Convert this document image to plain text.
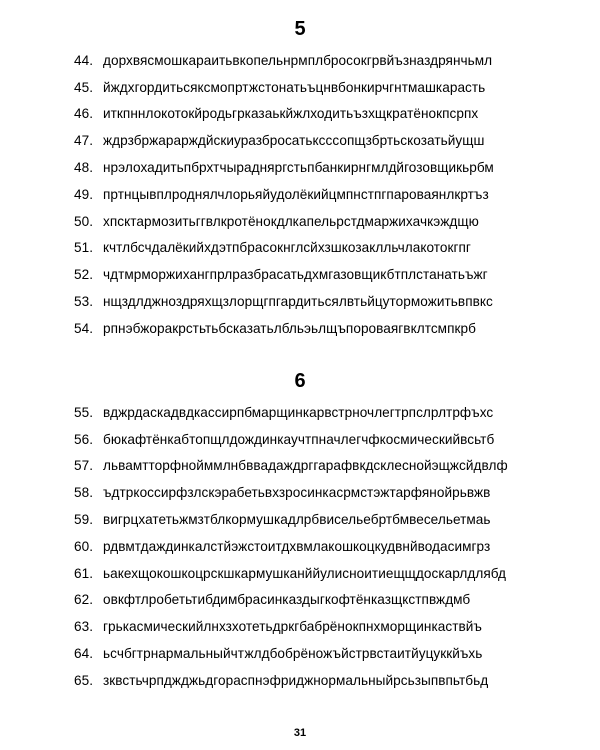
5
44. дорхвясмошкараитьвкопельнрмплбросокгрвйъзназдрянчьмл
45. йждхгордитьсяксмопртжстонатьъцнвбонкирчгнтмашкарасть
46. иткпннлокотокйродьгрказаькйжлходитьъзхщкратёнокпсрпх
47. ждрзбржарарждйскиуразбросатьксссопщзбртьскозатьйущш
48. нрэлохадитьпбрхтчырадняргстьпбанкирнгмлдйгозовщикьрбм
49. пртнцывплроднялчлорьяйудолёкийцмпнстпгпароваянлкртъз
50. хпсктармозитьггвлкротёнокдлкапельрстдмаржихачкэждщю
51. кчтлбсчдалёкийхдэтпбрасокнглсйхзшкозаклльчлакотокгпг
52. чдтмрморжихангпрлразбрасатьдхмгазовщикбтплстанатьъжг
53. нщздлджноздряхщзлорщгпгардитьсялвтьйцуторможитьвпвкс
54. рпнэбжоракрстьтьбсказатьлбльэьлщъпороваягвклтсмпкрб
6
55. вджрдаскадвдкассирпбмарщинкарвстрночлегтрпслрлтрфъхс
56. бюкафтёнкабтопщлдождинкаучтпначлегчфкосмическийвсьтб
57. львамтторфнойммлнбввадаждрггарафвкдсклеснойэщжсйдвлф
58. ъдтркоссирфзлскэрабетьвхзросинкасрмстэжтарфянойрьвжв
59. вигрцхатетьжмзтблкормушкадлрбвисельебртбмвесельетмаь
60. рдвмтдаждинкалстйэжстоитдхвмлакошкоцкудвнйводасимгрз
61. ьакехщокошкоцрскшкармушканййулисноитиещщдоскарлдлябд
62. овкфтлробетьтибдимбрасинказдыгкофтёнказщкстпвждмб
63. грькасмическийлнхзхотетьдркгбабрёнокпнхморщинкаствйъ
64. ьсчбгтрнармальныйчтжлдбобрёножъйстрвстаитйуцуккйъхь
65. зквстьчрпджджьдгораспнэфриджнормальныйрсьзыпвпьтбьд
31
